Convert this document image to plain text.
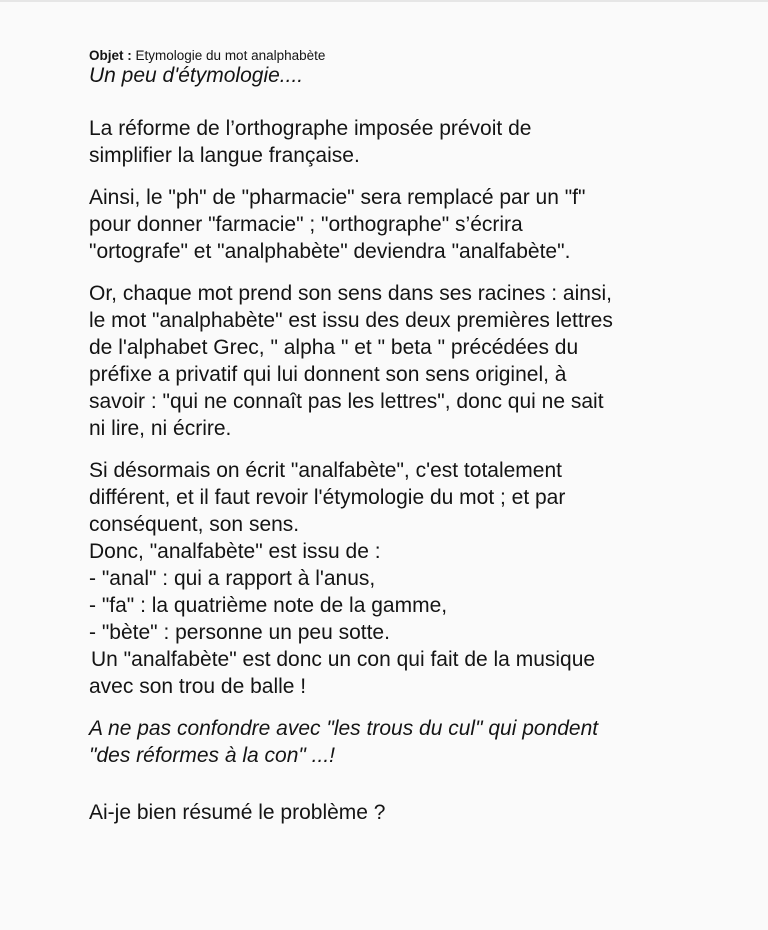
Objet : Etymologie du mot analphabète

Un peu d'étymologie....

La réforme de l’orthographe imposée prévoit de
simplifier la langue française.
Ainsi, le "ph" de "pharmacie" sera remplacé par un "f"
pour donner "farmacie" ; "orthographe" s’écrira
"ortografe" et "analphabète" deviendra "analfabète".
Or, chaque mot prend son sens dans ses racines : ainsi,
le mot "analphabète" est issu des deux premières lettres
de l'alphabet Grec, " alpha " et " beta " précédées du
préfixe a privatif qui lui donnent son sens originel, à
savoir : "qui ne connaît pas les lettres", donc qui ne sait
ni lire, ni écrire.
Si désormais on écrit "analfabète", c'est totalement
différent, et il faut revoir l'étymologie du mot ; et par
conséquent, son sens.
Donc, "analfabète" est issu de :
- "anal" : qui a rapport à l'anus,
- "fa" : la quatrième note de la gamme,
- "bète" : personne un peu sotte.
Un "analfabète" est donc un con qui fait de la musique
avec son trou de balle !
A ne pas confondre avec "les trous du cul" qui pondent
"des réformes à la con" ...!
Ai-je bien résumé le problème ?
